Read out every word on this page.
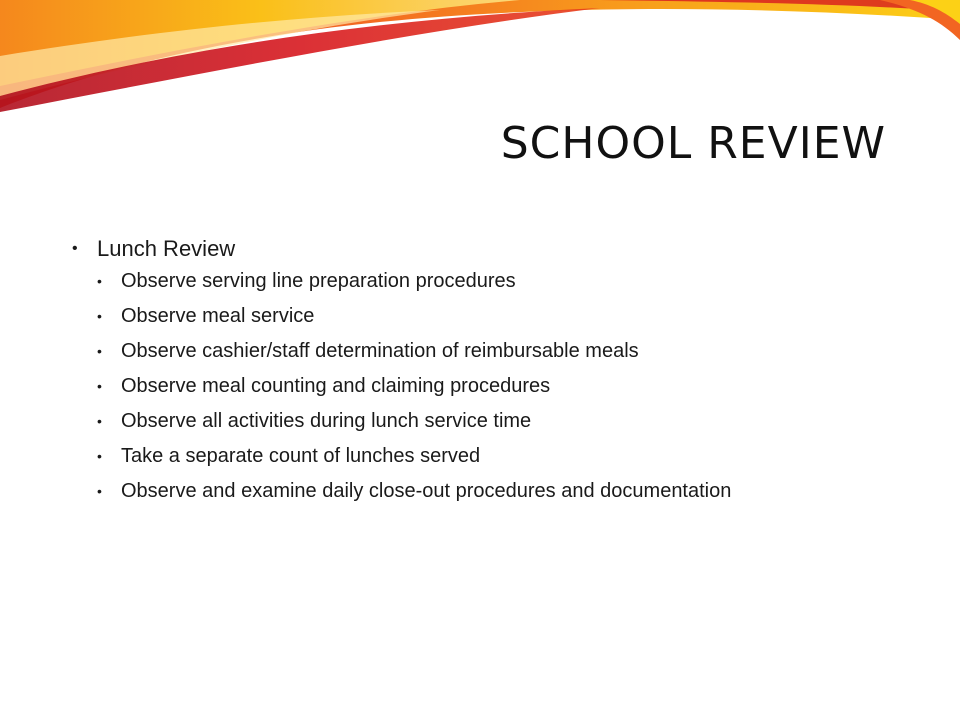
SCHOOL REVIEW
• Lunch Review
• Observe serving line preparation procedures
• Observe meal service
• Observe cashier/staff determination of reimbursable meals
• Observe meal counting and claiming procedures
• Observe all activities during lunch service time
• Take a separate count of lunches served
• Observe and examine daily close-out procedures and documentation
